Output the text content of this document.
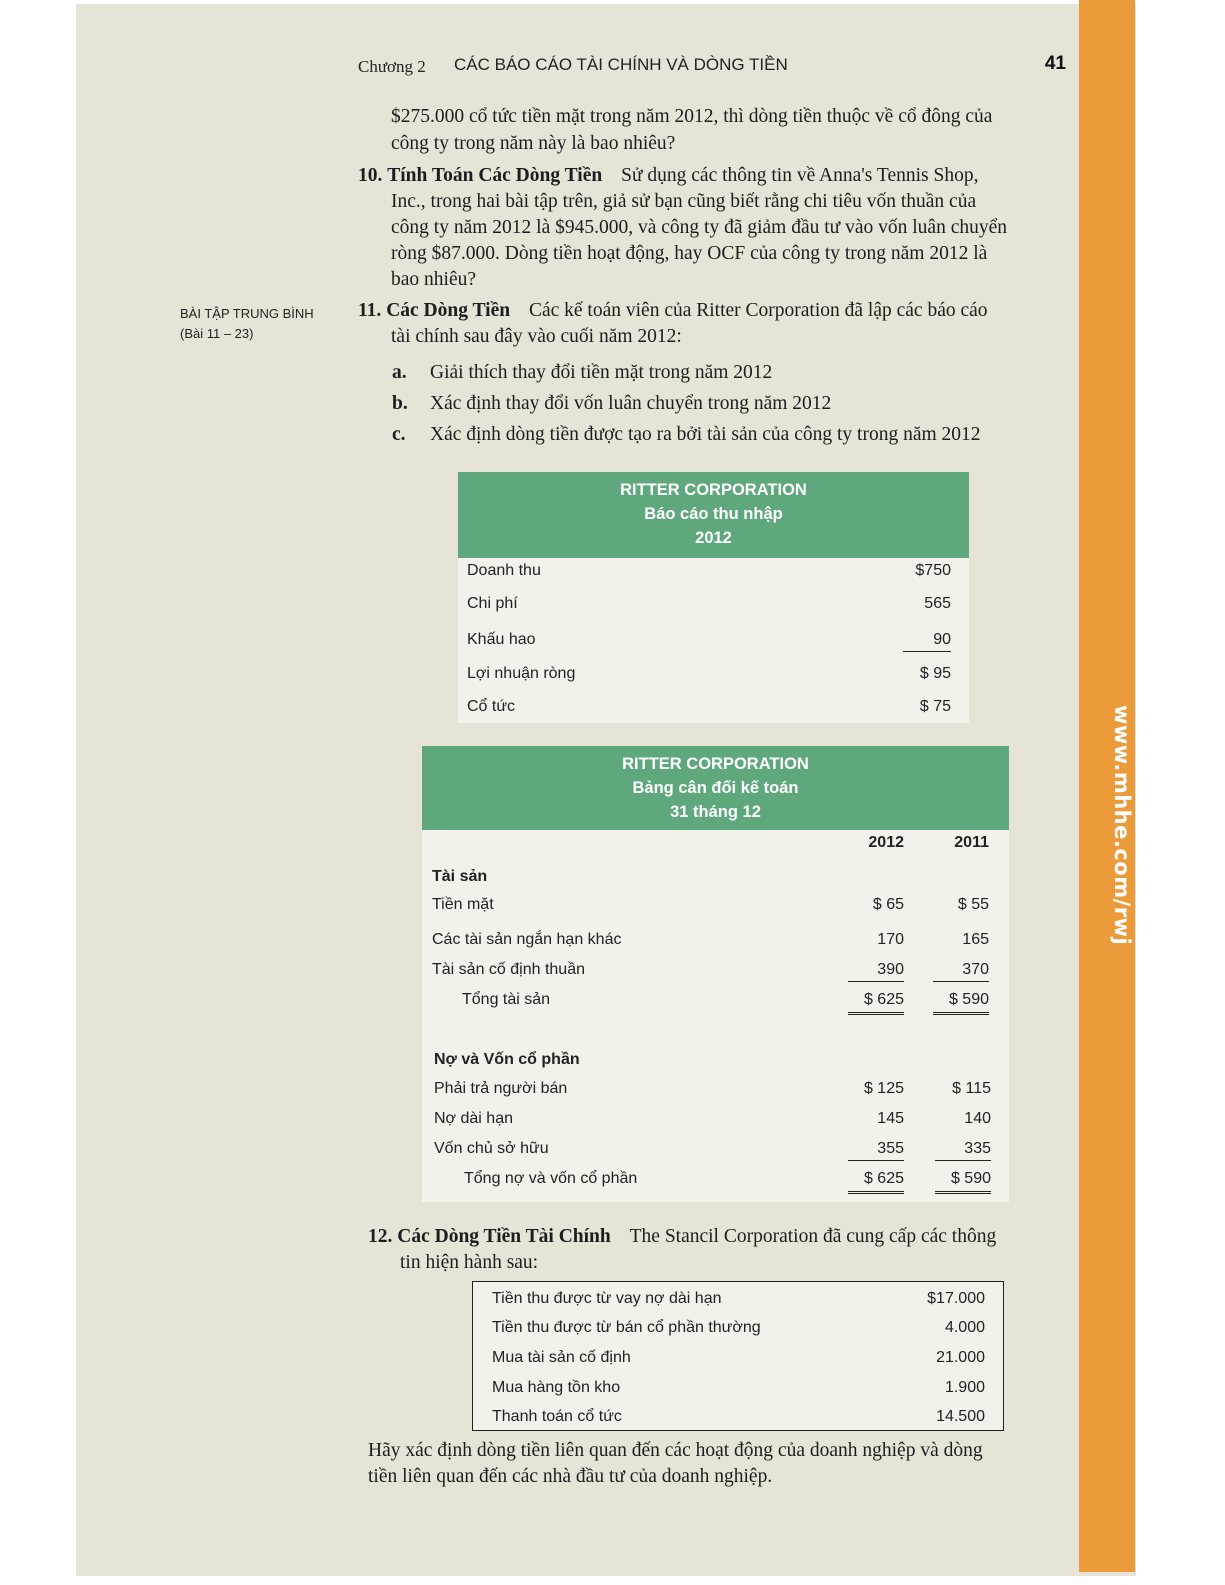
www.mhhe.com/rwj
Chương 2 CÁC BÁO CÁO TÀI CHÍNH VÀ DÒNG TIỀN	41
$275.000 cổ tức tiền mặt trong năm 2012, thì dòng tiền thuộc về cổ đông của
công ty trong năm này là bao nhiêu?
10. Tính Toán Các Dòng Tiền Sử dụng các thông tin về Anna's Tennis Shop,
Inc., trong hai bài tập trên, giả sử bạn cũng biết rằng chi tiêu vốn thuần của
công ty năm 2012 là $945.000, và công ty đã giảm đầu tư vào vốn luân chuyển
ròng $87.000. Dòng tiền hoạt động, hay OCF của công ty trong năm 2012 là
bao nhiêu?
BÀI TẬP TRUNG BÌNH
(Bài 11 – 23)
11. Các Dòng Tiền Các kế toán viên của Ritter Corporation đã lập các báo cáo
tài chính sau đây vào cuối năm 2012:
a. Giải thích thay đổi tiền mặt trong năm 2012
b. Xác định thay đổi vốn luân chuyển trong năm 2012
c. Xác định dòng tiền được tạo ra bởi tài sản của công ty trong năm 2012
RITTER CORPORATION
Báo cáo thu nhập
2012
Doanh thu	$750
Chi phí	565
Khấu hao	90
Lợi nhuận ròng	$ 95
Cổ tức	$ 75
RITTER CORPORATION
Bảng cân đối kế toán
31 tháng 12
2012	2011
Tài sản
Tiền mặt	$ 65	$ 55
Các tài sản ngắn hạn khác	170	165
Tài sản cố định thuần	390	370
Tổng tài sản	$ 625	$ 590
Nợ và Vốn cổ phần
Phải trả người bán	$ 125	$ 115
Nợ dài hạn	145	140
Vốn chủ sở hữu	355	335
Tổng nợ và vốn cổ phần	$ 625	$ 590
12. Các Dòng Tiền Tài Chính The Stancil Corporation đã cung cấp các thông
tin hiện hành sau:
Tiền thu được từ vay nợ dài hạn	$17.000
Tiền thu được từ bán cổ phần thường	4.000
Mua tài sản cố định	21.000
Mua hàng tồn kho	1.900
Thanh toán cổ tức	14.500
Hãy xác định dòng tiền liên quan đến các hoạt động của doanh nghiệp và dòng
tiền liên quan đến các nhà đầu tư của doanh nghiệp.
